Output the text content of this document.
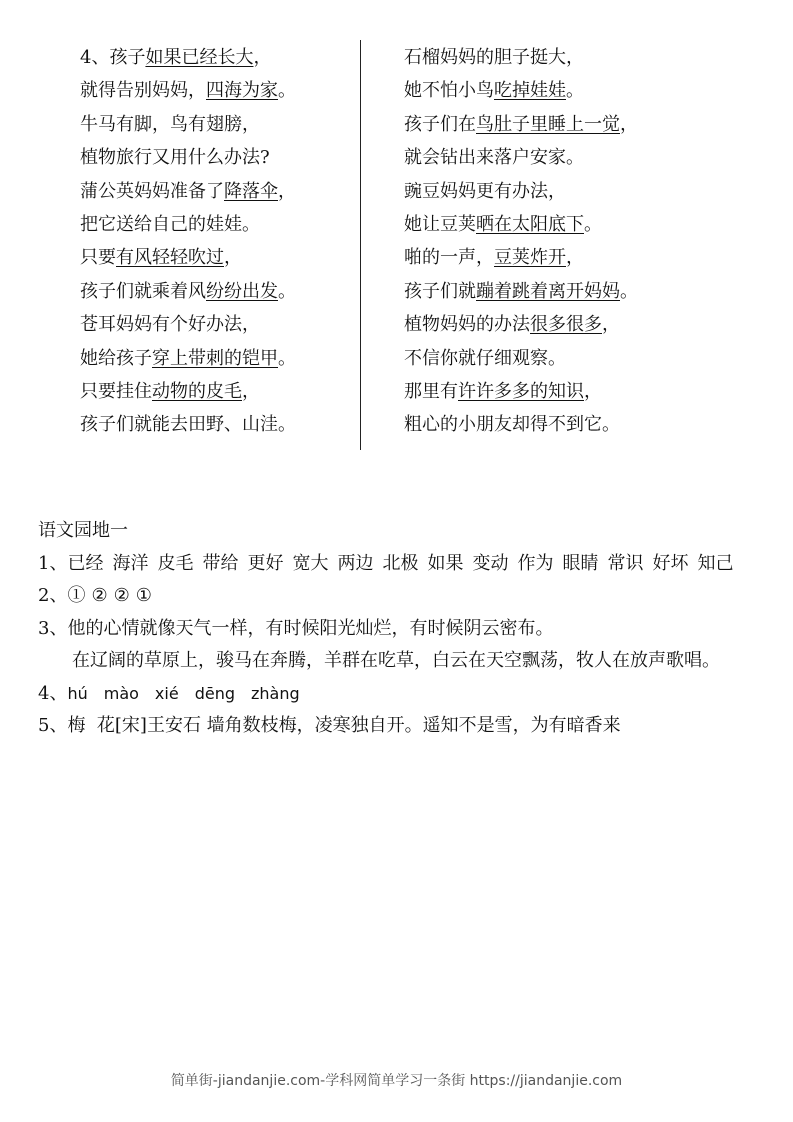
4、孩子如果已经长大，
就得告别妈妈，四海为家。
牛马有脚，鸟有翅膀，
植物旅行又用什么办法?
蒲公英妈妈准备了降落伞，
把它送给自己的娃娃。
只要有风轻轻吹过，
孩子们就乘着风纷纷出发。
苍耳妈妈有个好办法，
她给孩子穿上带刺的铠甲。
只要挂住动物的皮毛，
孩子们就能去田野、山洼。
石榴妈妈的胆子挺大，
她不怕小鸟吃掉娃娃。
孩子们在鸟肚子里睡上一觉，
就会钻出来落户安家。
豌豆妈妈更有办法，
她让豆荚晒在太阳底下。
啪的一声，豆荚炸开，
孩子们就蹦着跳着离开妈妈。
植物妈妈的办法很多很多，
不信你就仔细观察。
那里有许许多多的知识，
粗心的小朋友却得不到它。
语文园地一
1、已经 海洋 皮毛 带给 更好 宽大 两边 北极 如果 变动 作为 眼睛 常识 好坏 知己
2、① ② ② ①
3、他的心情就像天气一样，有时候阳光灿烂，有时候阴云密布。
在辽阔的草原上，骏马在奔腾，羊群在吃草，白云在天空飘荡，牧人在放声歌唱。
4、hú mào xié dēng zhàng
5、梅  花[宋]王安石 墙角数枝梅，凌寒独自开。遥知不是雪，为有暗香来
简单街-jiandanjie.com-学科网简单学习一条街 https://jiandanjie.com
